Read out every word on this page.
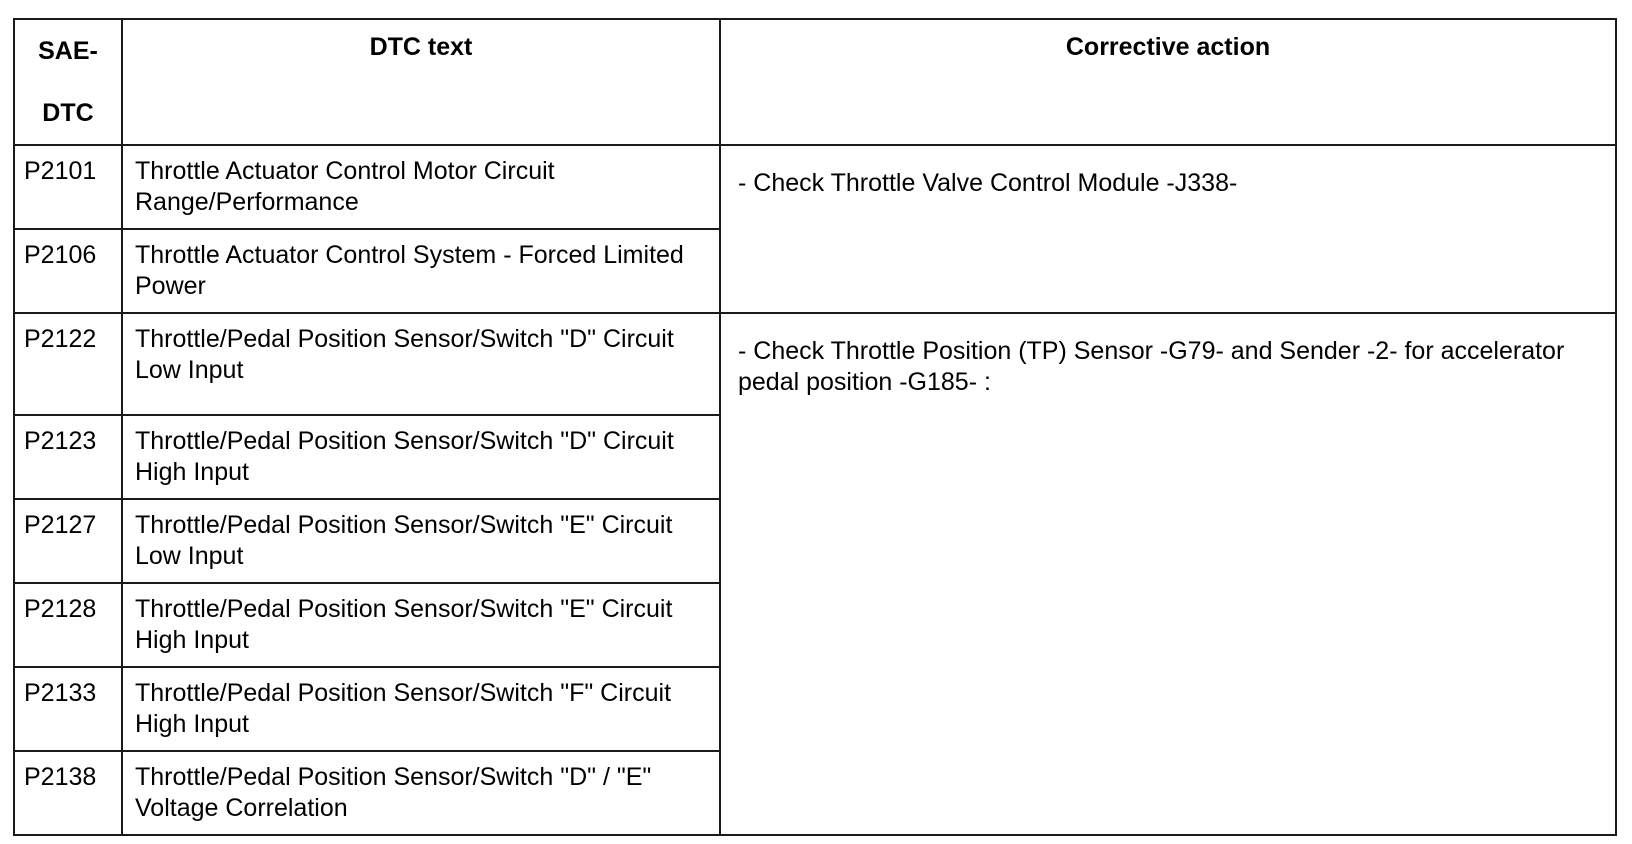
SAE-
DTC	DTC text	Corrective action
P2101	Throttle Actuator Control Motor Circuit Range/Performance	- Check Throttle Valve Control Module -J338-
P2106	Throttle Actuator Control System - Forced Limited Power	
P2122	Throttle/Pedal Position Sensor/Switch "D" Circuit Low Input	- Check Throttle Position (TP) Sensor -G79- and Sender -2- for accelerator pedal position -G185- :
P2123	Throttle/Pedal Position Sensor/Switch "D" Circuit High Input	
P2127	Throttle/Pedal Position Sensor/Switch "E" Circuit Low Input	
P2128	Throttle/Pedal Position Sensor/Switch "E" Circuit High Input	
P2133	Throttle/Pedal Position Sensor/Switch "F" Circuit High Input	
P2138	Throttle/Pedal Position Sensor/Switch "D" / "E" Voltage Correlation	
